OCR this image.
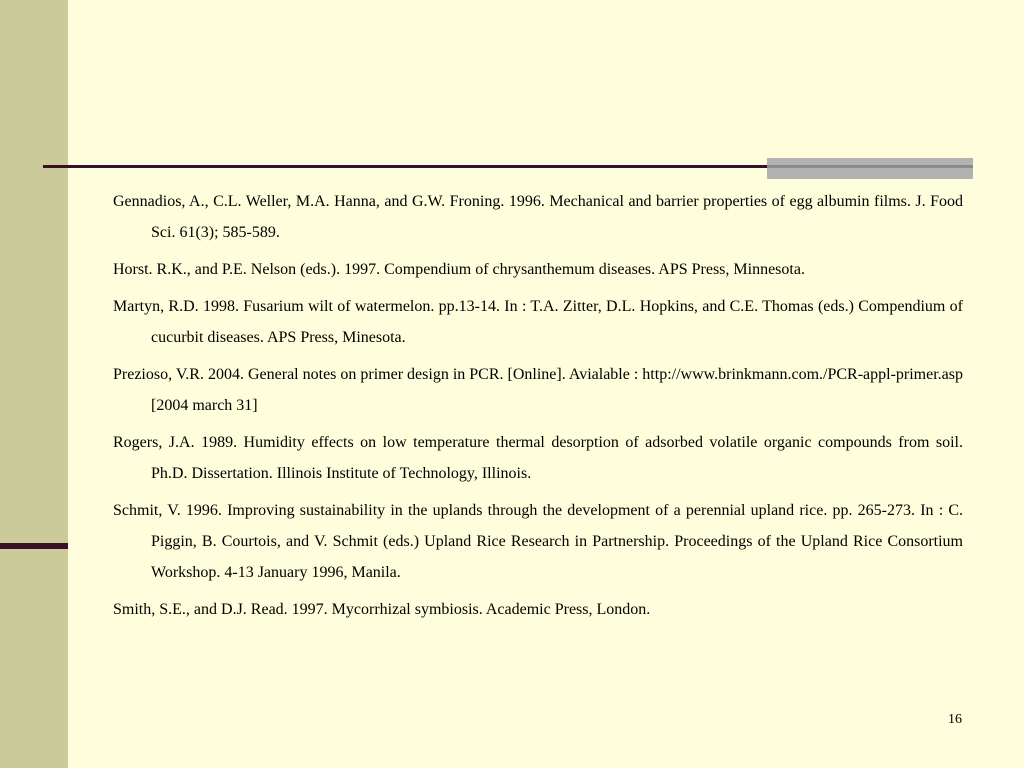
Gennadios, A., C.L. Weller, M.A. Hanna, and G.W. Froning. 1996. Mechanical and barrier properties of egg albumin films. J. Food Sci. 61(3); 585-589.

Horst. R.K., and P.E. Nelson (eds.). 1997. Compendium of chrysanthemum diseases. APS Press, Minnesota.

Martyn, R.D. 1998. Fusarium wilt of watermelon. pp.13-14. In : T.A. Zitter, D.L. Hopkins, and C.E. Thomas (eds.) Compendium of cucurbit diseases. APS Press, Minesota.

Prezioso, V.R. 2004. General notes on primer design in PCR. [Online]. Avialable : http://www.brinkmann.com./PCR-appl-primer.asp [2004 march 31]

Rogers, J.A. 1989. Humidity effects on low temperature thermal desorption of adsorbed volatile organic compounds from soil. Ph.D. Dissertation. Illinois Institute of Technology, Illinois.

Schmit, V. 1996. Improving sustainability in the uplands through the development of a perennial upland rice. pp. 265-273. In : C. Piggin, B. Courtois, and V. Schmit (eds.) Upland Rice Research in Partnership. Proceedings of the Upland Rice Consortium Workshop. 4-13 January 1996, Manila.

Smith, S.E., and D.J. Read. 1997. Mycorrhizal symbiosis. Academic Press, London.

16
